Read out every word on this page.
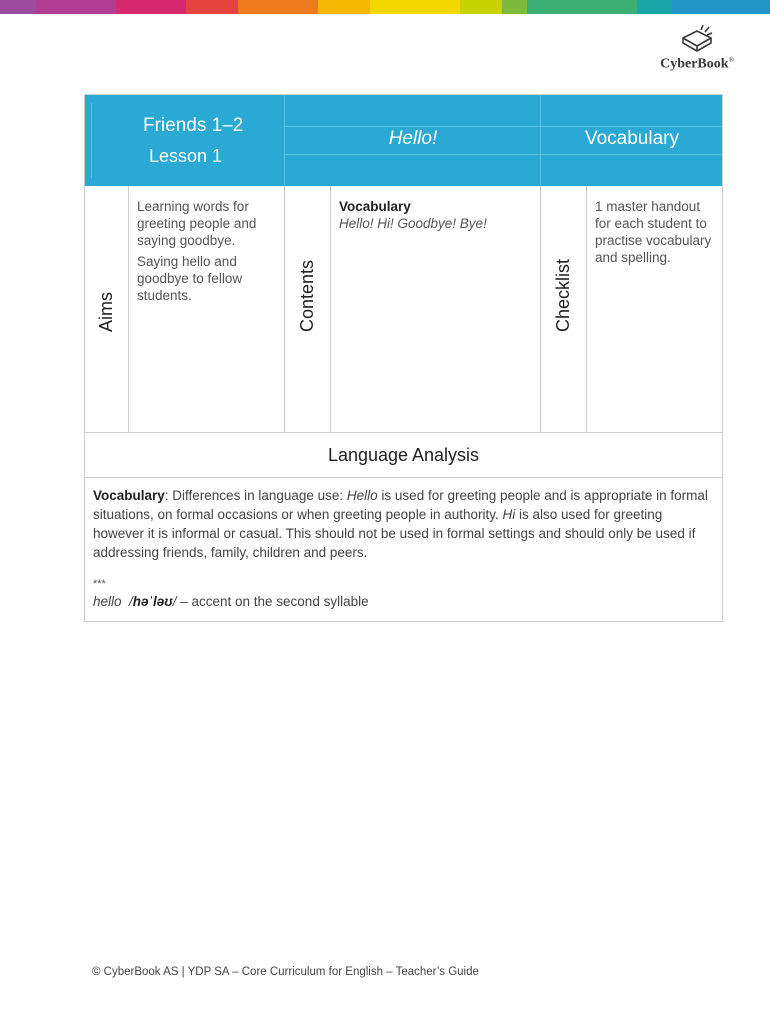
CyberBook®
Friends 1–2
Lesson 1
Hello!	Vocabulary
Aims

Learning words for greeting people and saying goodbye.

Saying hello and goodbye to fellow students.	Contents
Vocabulary
Hello! Hi! Goodbye! Bye!
Checklist
1 master handout for each student to practise vocabulary and spelling.
Language Analysis
Vocabulary: Differences in language use: Hello is used for greeting people and is appropriate in formal situations, on formal occasions or when greeting people in authority. Hi is also used for greeting however it is informal or casual. This should not be used in formal settings and should only be used if addressing friends, family, children and peers.
***
hello  /həˈləʊ/ – accent on the second syllable
© CyberBook AS | YDP SA – Core Curriculum for English – Teacher’s Guide
